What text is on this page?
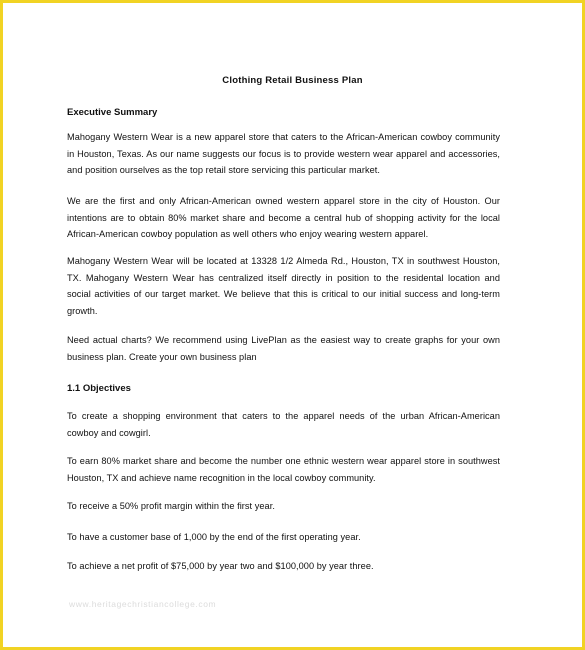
Clothing Retail Business Plan
Executive Summary
Mahogany Western Wear is a new apparel store that caters to the African-American cowboy community in Houston, Texas. As our name suggests our focus is to provide western wear apparel and accessories, and position ourselves as the top retail store servicing this particular market.
We are the first and only African-American owned western apparel store in the city of Houston. Our intentions are to obtain 80% market share and become a central hub of shopping activity for the local African-American cowboy population as well others who enjoy wearing western apparel.
Mahogany Western Wear will be located at 13328 1/2 Almeda Rd., Houston, TX in southwest Houston, TX. Mahogany Western Wear has centralized itself directly in position to the residental location and social activities of our target market. We believe that this is critical to our initial success and long-term growth.
Need actual charts? We recommend using LivePlan as the easiest way to create graphs for your own business plan. Create your own business plan
1.1 Objectives
To create a shopping environment that caters to the apparel needs of the urban African-American cowboy and cowgirl.
To earn 80% market share and become the number one ethnic western wear apparel store in southwest Houston, TX and achieve name recognition in the local cowboy community.
To receive a 50% profit margin within the first year.
To have a customer base of 1,000 by the end of the first operating year.
To achieve a net profit of $75,000 by year two and $100,000 by year three.
www.heritagechristiancollege.com
